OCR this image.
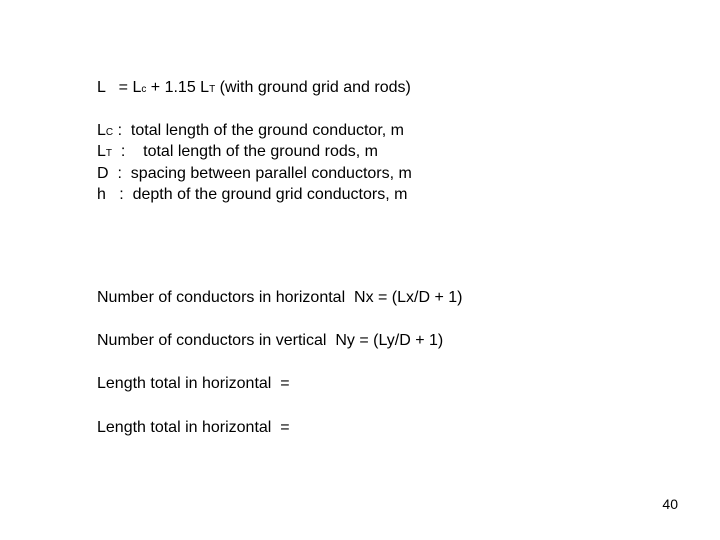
L = Lc + 1.15 LT (with ground grid and rods)
LC :  total length of the ground conductor, m
LT  :    total length of the ground rods, m
D  :  spacing between parallel conductors, m
h   :  depth of the ground grid conductors, m
Number of conductors in horizontal  Nx = (Lx/D + 1)
Number of conductors in vertical  Ny = (Ly/D + 1)
Length total in horizontal  =
Length total in horizontal  =
40
